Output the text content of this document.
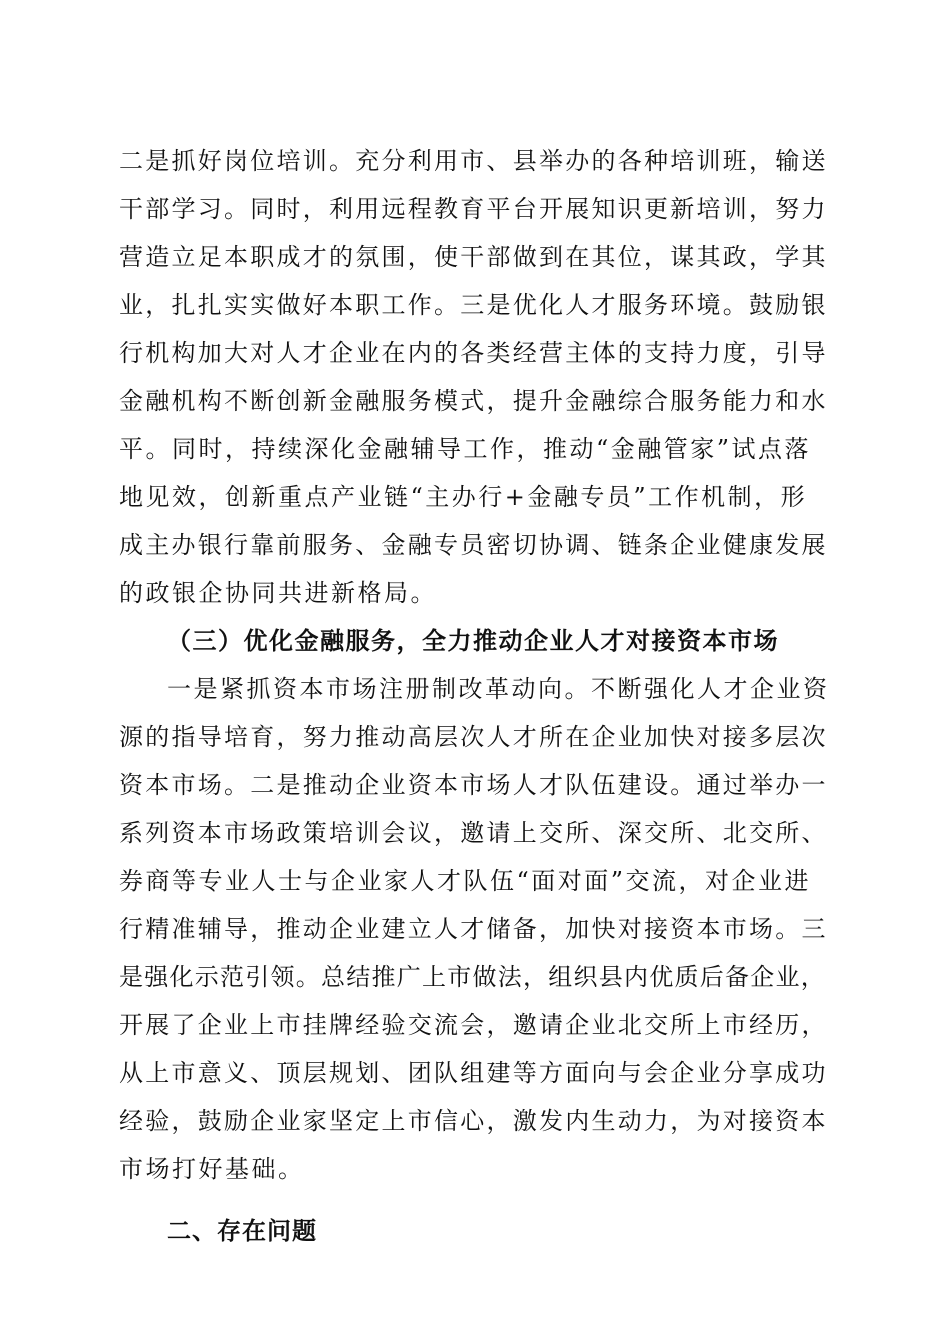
二是抓好岗位培训。充分利用市、县举办的各种培训班，输送
干部学习。同时，利用远程教育平台开展知识更新培训，努力
营造立足本职成才的氛围，使干部做到在其位，谋其政，学其
业，扎扎实实做好本职工作。三是优化人才服务环境。鼓励银
行机构加大对人才企业在内的各类经营主体的支持力度，引导
金融机构不断创新金融服务模式，提升金融综合服务能力和水
平。同时，持续深化金融辅导工作，推动“金融管家”试点落
地见效，创新重点产业链“主办行+金融专员”工作机制，形
成主办银行靠前服务、金融专员密切协调、链条企业健康发展
的政银企协同共进新格局。
（三）优化金融服务，全力推动企业人才对接资本市场
一是紧抓资本市场注册制改革动向。不断强化人才企业资
源的指导培育，努力推动高层次人才所在企业加快对接多层次
资本市场。二是推动企业资本市场人才队伍建设。通过举办一
系列资本市场政策培训会议，邀请上交所、深交所、北交所、
券商等专业人士与企业家人才队伍“面对面”交流，对企业进
行精准辅导，推动企业建立人才储备，加快对接资本市场。三
是强化示范引领。总结推广上市做法，组织县内优质后备企业，
开展了企业上市挂牌经验交流会，邀请企业北交所上市经历，
从上市意义、顶层规划、团队组建等方面向与会企业分享成功
经验，鼓励企业家坚定上市信心，激发内生动力，为对接资本
市场打好基础。
二、存在问题
